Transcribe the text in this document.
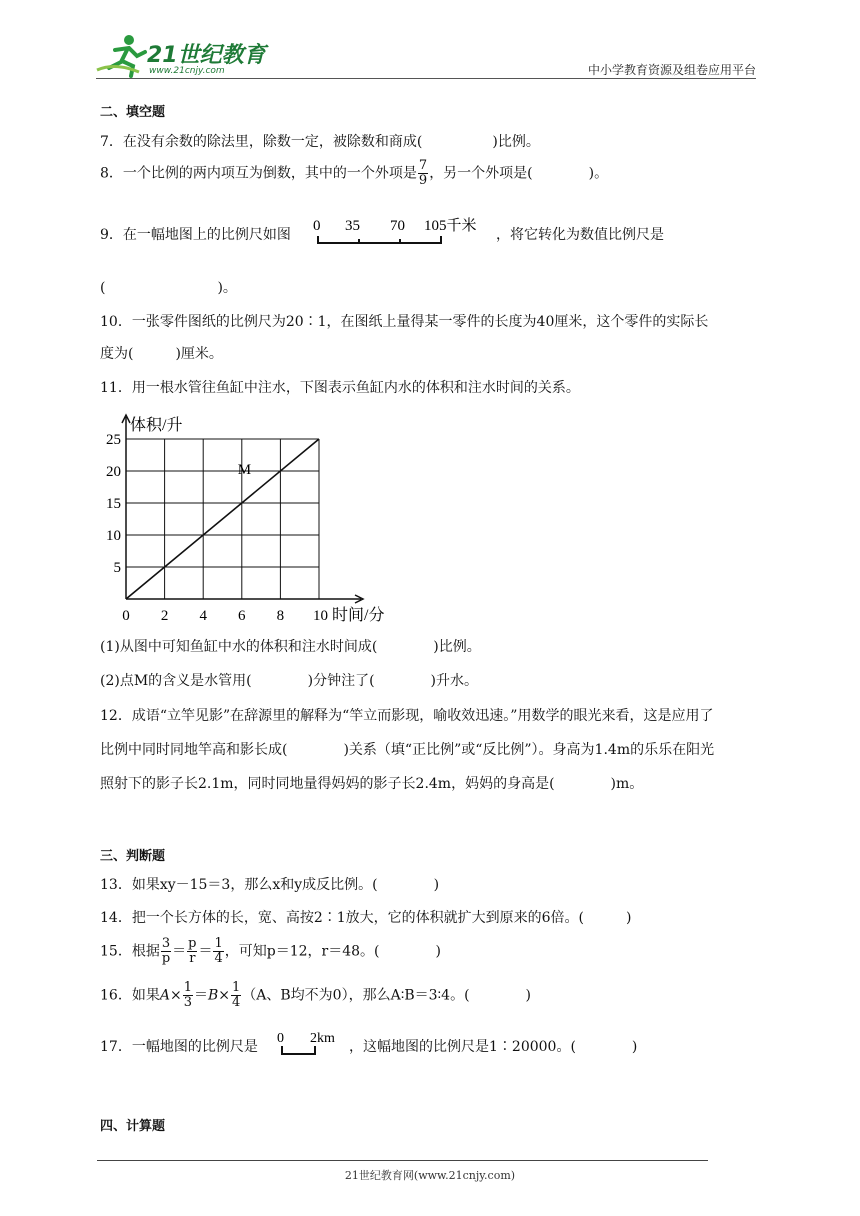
21世纪教育
www.21cnjy.com	中小学教育资源及组卷应用平台
二、填空题
7．在没有余数的除法里，除数一定，被除数和商成(　　　　　)比例。
8．一个比例的两内项互为倒数，其中的一个外项是 $\frac{7}{9}$ ，另一个外项是(　　　　)。
9．在一幅地图上的比例尺如图
0 35 70 105千米
，将它转化为数值比例尺是
(　　　　　　　　)。
10．一张零件图纸的比例尺为20∶1，在图纸上量得某一零件的长度为40厘米，这个零件的实际长
度为(　　　)厘米。
11．用一根水管往鱼缸中注水，下图表示鱼缸内水的体积和注水时间的关系。
体积/升
5
10
15
20
25
0 2 4 6 8 10 时间/分
M
(1)从图中可知鱼缸中水的体积和注水时间成(　　　　)比例。
(2)点M的含义是水管用(　　　　)分钟注了(　　　　)升水。
12．成语“立竿见影”在辞源里的解释为“竿立而影现，喻收效迅速。”用数学的眼光来看，这是应用了
比例中同时同地竿高和影长成(　　　　)关系（填“正比例”或“反比例”）。身高为1.4m的乐乐在阳光
照射下的影子长2.1m，同时同地量得妈妈的影子长2.4m，妈妈的身高是(　　　　)m。
三、判断题
13．如果xy－15＝3，那么x和y成反比例。(　　　　)
14．把一个长方体的长，宽、高按2∶1放大，它的体积就扩大到原来的6倍。(　　　)
15．根据 $\frac{3}{p} = \frac{p}{r} = \frac{1}{4}$ ，可知p＝12，r＝48。(　　　　)
16．如果$A\times \frac{1}{3} =B\times \frac{1}{4} (A$、B均不为0），那么A∶B＝3∶4。(　　　　)
17．一幅地图的比例尺是
0 2km
，这幅地图的比例尺是1∶20000。(　　　　)
四、计算题
21世纪教育网(www.21cnjy.com)
